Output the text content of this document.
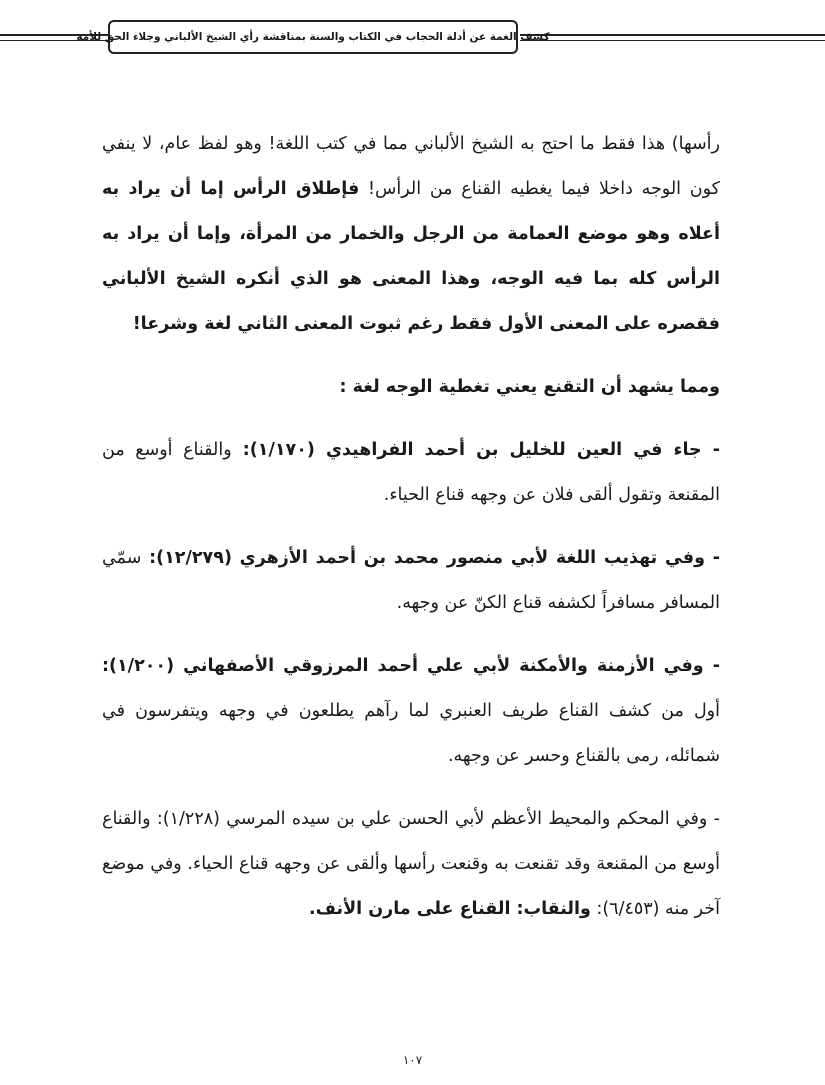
كشف الغمة عن أدلة الحجاب في الكتاب والسنة بمناقشة رأي الشيخ الألباني وجلاء الحق للأمة

رأسها) هذا فقط ما احتج به الشيخ الألباني مما في كتب اللغة! وهو لفظ عام، لا ينفي كون الوجه داخلا فيما يغطيه القناع من الرأس! فإطلاق الرأس إما أن يراد به أعلاه وهو موضع العمامة من الرجل والخمار من المرأة، وإما أن يراد به الرأس كله بما فيه الوجه، وهذا المعنى هو الذي أنكره الشيخ الألباني فقصره على المعنى الأول فقط رغم ثبوت المعنى الثاني لغة وشرعا!

ومما يشهد أن التقنع يعني تغطية الوجه لغة :

- جاء في العين للخليل بن أحمد الفراهيدي (١/١٧٠): والقناع أوسع من المقنعة وتقول ألقى فلان عن وجهه قناع الحياء.

- وفي تهذيب اللغة لأبي منصور محمد بن أحمد الأزهري (١٢/٢٧٩): سمّي المسافر مسافراً لكشفه قناع الكنّ عن وجهه.

- وفي الأزمنة والأمكنة لأبي علي أحمد المرزوقي الأصفهاني (١/٢٠٠): أول من كشف القناع طريف العنبري لما رآهم يطلعون في وجهه ويتفرسون في شمائله، رمى بالقناع وحسر عن وجهه.

- وفي المحكم والمحيط الأعظم لأبي الحسن علي بن سيده المرسي (١/٢٢٨): والقناع أوسع من المقنعة وقد تقنعت به وقنعت رأسها وألقى عن وجهه قناع الحياء. وفي موضع آخر منه (٦/٤٥٣): والنقاب: القناع على مارن الأنف.

١٠٧
